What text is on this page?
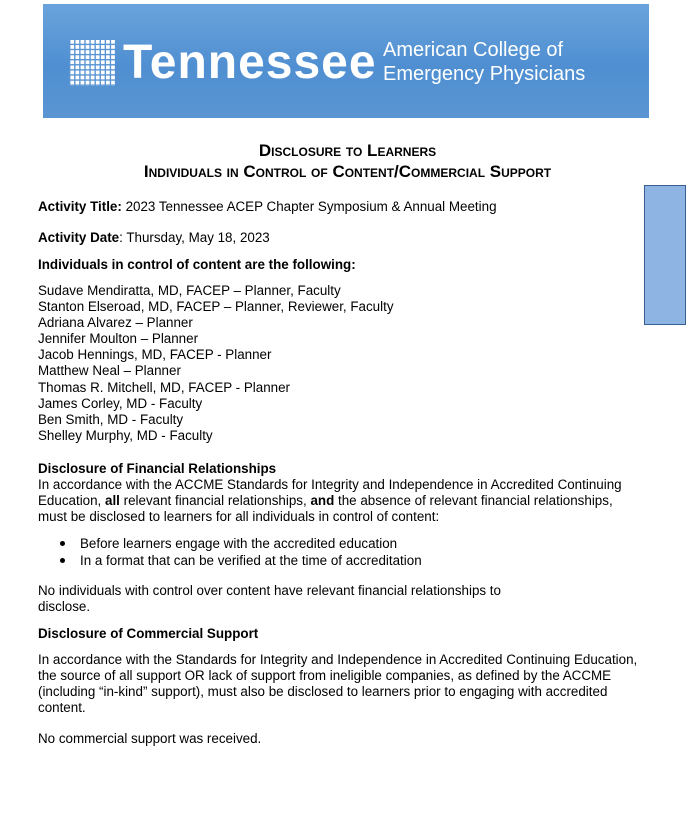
Tennessee American College of
Emergency Physicians
Disclosure to Learners
Individuals in Control of Content/Commercial Support
Activity Title: 2023 Tennessee ACEP Chapter Symposium & Annual Meeting
Activity Date: Thursday, May 18, 2023
Individuals in control of content are the following:
Sudave Mendiratta, MD, FACEP – Planner, Faculty
Stanton Elseroad, MD, FACEP – Planner, Reviewer, Faculty
Adriana Alvarez – Planner
Jennifer Moulton – Planner
Jacob Hennings, MD, FACEP - Planner
Matthew Neal – Planner
Thomas R. Mitchell, MD, FACEP - Planner
James Corley, MD - Faculty
Ben Smith, MD - Faculty
Shelley Murphy, MD - Faculty
Disclosure of Financial Relationships
In accordance with the ACCME Standards for Integrity and Independence in Accredited Continuing
Education, all relevant financial relationships, and the absence of relevant financial relationships,
must be disclosed to learners for all individuals in control of content:
Before learners engage with the accredited education
In a format that can be verified at the time of accreditation
No individuals with control over content have relevant financial relationships to
disclose.
Disclosure of Commercial Support
In accordance with the Standards for Integrity and Independence in Accredited Continuing Education,
the source of all support OR lack of support from ineligible companies, as defined by the ACCME
(including “in-kind” support), must also be disclosed to learners prior to engaging with accredited
content.
No commercial support was received.
